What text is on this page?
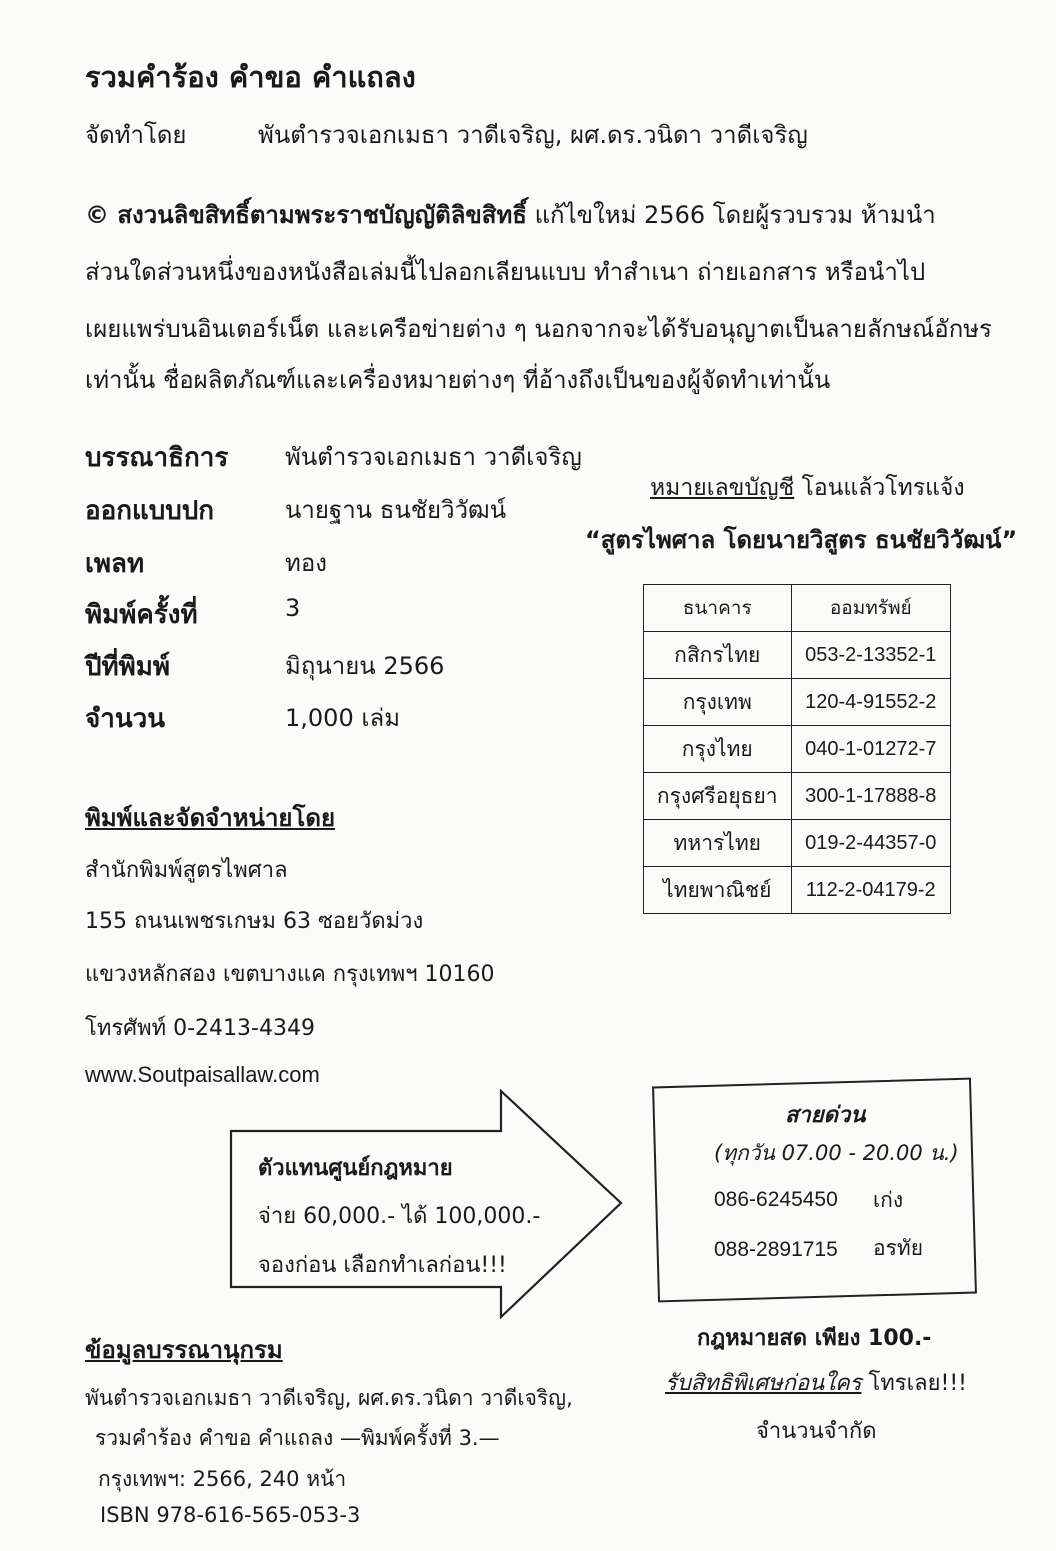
รวมคำร้อง คำขอ คำแถลง
จัดทำโดย	พันตำรวจเอกเมธา วาดีเจริญ, ผศ.ดร.วนิดา วาดีเจริญ
© สงวนลิขสิทธิ์ตามพระราชบัญญัติลิขสิทธิ์ แก้ไขใหม่ 2566 โดยผู้รวบรวม ห้ามนำ
ส่วนใดส่วนหนึ่งของหนังสือเล่มนี้ไปลอกเลียนแบบ ทำสำเนา ถ่ายเอกสาร หรือนำไป
เผยแพร่บนอินเตอร์เน็ต และเครือข่ายต่าง ๆ นอกจากจะได้รับอนุญาตเป็นลายลักษณ์อักษร
เท่านั้น ชื่อผลิตภัณฑ์และเครื่องหมายต่างๆ ที่อ้างถึงเป็นของผู้จัดทำเท่านั้น
บรรณาธิการ พันตำรวจเอกเมธา วาดีเจริญ
ออกแบบปก	นายฐาน ธนชัยวิวัฒน์
เพลท	ทอง
พิมพ์ครั้งที่	3
ปีที่พิมพ์	มิถุนายน 2566
จำนวน	1,000 เล่ม
หมายเลขบัญชี โอนแล้วโทรแจ้ง
“สูตรไพศาล โดยนายวิสูตร ธนชัยวิวัฒน์”
ธนาคาร	ออมทรัพย์
กสิกรไทย	053-2-13352-1
กรุงเทพ	120-4-91552-2
กรุงไทย	040-1-01272-7
กรุงศรีอยุธยา	300-1-17888-8
ทหารไทย	019-2-44357-0
ไทยพาณิชย์	112-2-04179-2
พิมพ์และจัดจำหน่ายโดย
สำนักพิมพ์สูตรไพศาล
155 ถนนเพชรเกษม 63 ซอยวัดม่วง
แขวงหลักสอง เขตบางแค กรุงเทพฯ 10160
โทรศัพท์ 0-2413-4349
www.Soutpaisallaw.com
ตัวแทนศูนย์กฎหมาย
จ่าย 60,000.- ได้ 100,000.-
จองก่อน เลือกทำเลก่อน!!!
สายด่วน
(ทุกวัน 07.00 - 20.00 น.)
086-6245450 เก่ง
088-2891715 อรทัย
กฎหมายสด เพียง 100.-
รับสิทธิพิเศษก่อนใคร โทรเลย!!!
จำนวนจำกัด
ข้อมูลบรรณานุกรม
พันตำรวจเอกเมธา วาดีเจริญ, ผศ.ดร.วนิดา วาดีเจริญ,
รวมคำร้อง คำขอ คำแถลง —พิมพ์ครั้งที่ 3.—
กรุงเทพฯ: 2566, 240 หน้า
ISBN 978-616-565-053-3
